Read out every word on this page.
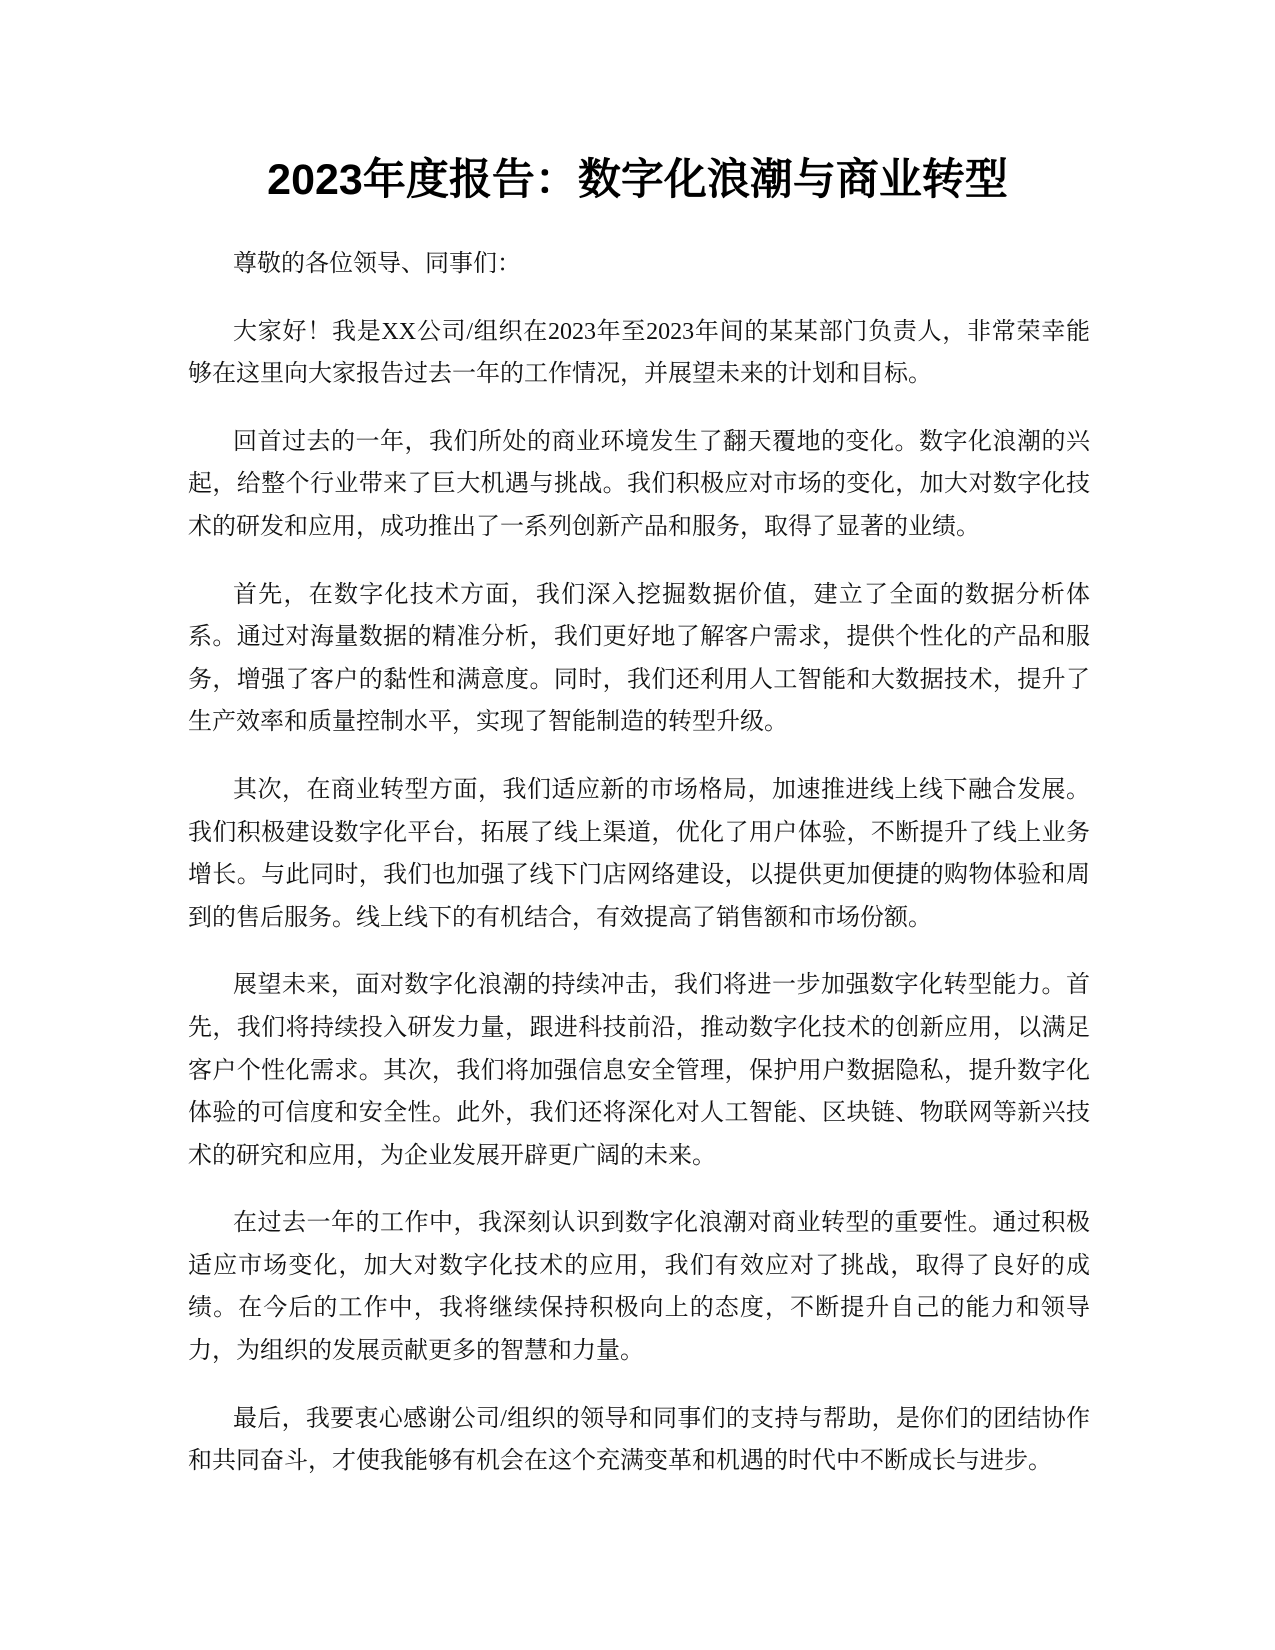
2023年度报告：数字化浪潮与商业转型

尊敬的各位领导、同事们：

大家好！我是XX公司/组织在2023年至2023年间的某某部门负责人，非常荣幸能够在这里向大家报告过去一年的工作情况，并展望未来的计划和目标。

回首过去的一年，我们所处的商业环境发生了翻天覆地的变化。数字化浪潮的兴起，给整个行业带来了巨大机遇与挑战。我们积极应对市场的变化，加大对数字化技术的研发和应用，成功推出了一系列创新产品和服务，取得了显著的业绩。

首先，在数字化技术方面，我们深入挖掘数据价值，建立了全面的数据分析体系。通过对海量数据的精准分析，我们更好地了解客户需求，提供个性化的产品和服务，增强了客户的黏性和满意度。同时，我们还利用人工智能和大数据技术，提升了生产效率和质量控制水平，实现了智能制造的转型升级。

其次，在商业转型方面，我们适应新的市场格局，加速推进线上线下融合发展。我们积极建设数字化平台，拓展了线上渠道，优化了用户体验，不断提升了线上业务增长。与此同时，我们也加强了线下门店网络建设，以提供更加便捷的购物体验和周到的售后服务。线上线下的有机结合，有效提高了销售额和市场份额。

展望未来，面对数字化浪潮的持续冲击，我们将进一步加强数字化转型能力。首先，我们将持续投入研发力量，跟进科技前沿，推动数字化技术的创新应用，以满足客户个性化需求。其次，我们将加强信息安全管理，保护用户数据隐私，提升数字化体验的可信度和安全性。此外，我们还将深化对人工智能、区块链、物联网等新兴技术的研究和应用，为企业发展开辟更广阔的未来。

在过去一年的工作中，我深刻认识到数字化浪潮对商业转型的重要性。通过积极适应市场变化，加大对数字化技术的应用，我们有效应对了挑战，取得了良好的成绩。在今后的工作中，我将继续保持积极向上的态度，不断提升自己的能力和领导力，为组织的发展贡献更多的智慧和力量。

最后，我要衷心感谢公司/组织的领导和同事们的支持与帮助，是你们的团结协作和共同奋斗，才使我能够有机会在这个充满变革和机遇的时代中不断成长与进步。
